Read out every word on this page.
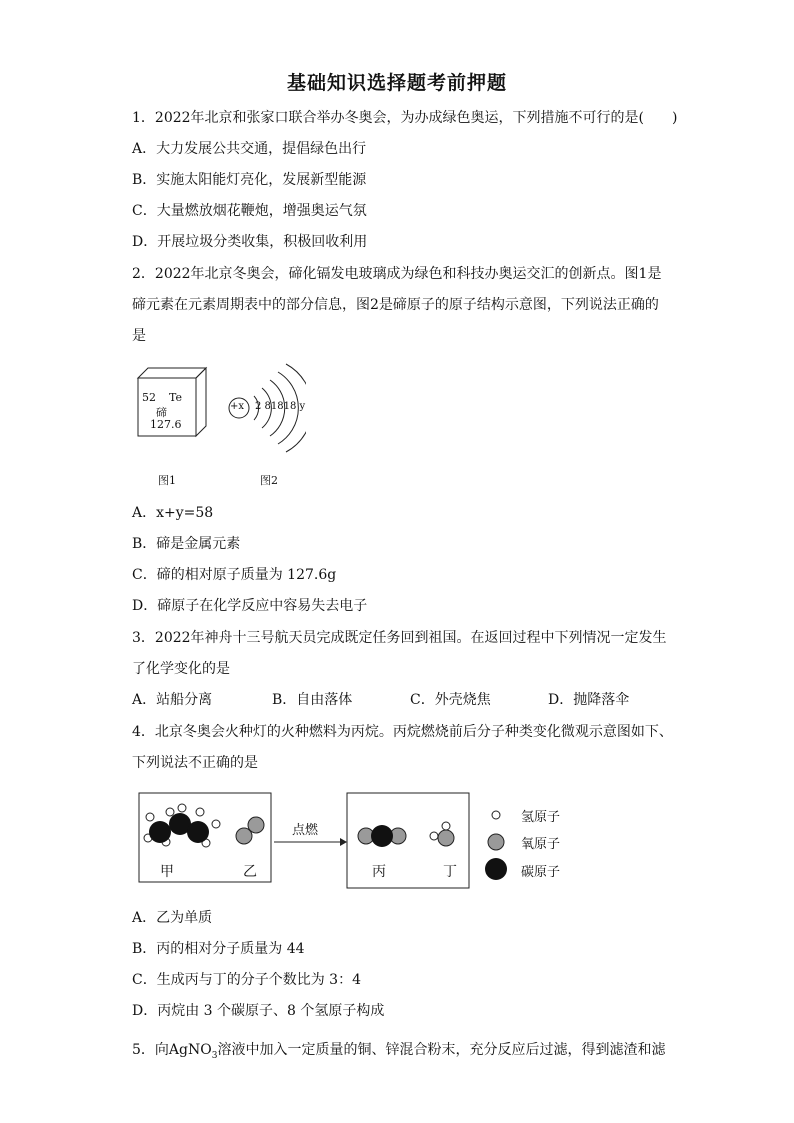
基础知识选择题考前押题
1．2022年北京和张家口联合举办冬奥会，为办成绿色奥运，下列措施不可行的是(　　)
A．大力发展公共交通，提倡绿色出行
B．实施太阳能灯亮化，发展新型能源
C．大量燃放烟花鞭炮，增强奥运气氛
D．开展垃圾分类收集，积极回收利用
2．2022年北京冬奥会，碲化镉发电玻璃成为绿色和科技办奥运交汇的创新点。图1是
碲元素在元素周期表中的部分信息，图2是碲原子的原子结构示意图，下列说法正确的
是
52 Te
碲
127.6
图1
+x 2 81818 y
图2
A．x+y=58
B．碲是金属元素
C．碲的相对原子质量为 127.6g
D．碲原子在化学反应中容易失去电子
3．2022年神舟十三号航天员完成既定任务回到祖国。在返回过程中下列情况一定发生
了化学变化的是
A．站船分离	B．自由落体	C．外壳烧焦	D．抛降落伞
4．北京冬奥会火种灯的火种燃料为丙烷。丙烷燃烧前后分子种类变化微观示意图如下、
下列说法不正确的是
甲	乙
点燃
丙	丁
氢原子
氧原子
碳原子
A．乙为单质
B．丙的相对分子质量为 44
C．生成丙与丁的分子个数比为 3：4
D．丙烷由 3 个碳原子、8 个氢原子构成
5．向AgNO$_3$溶液中加入一定质量的铜、锌混合粉末，充分反应后过滤，得到滤渣和滤
